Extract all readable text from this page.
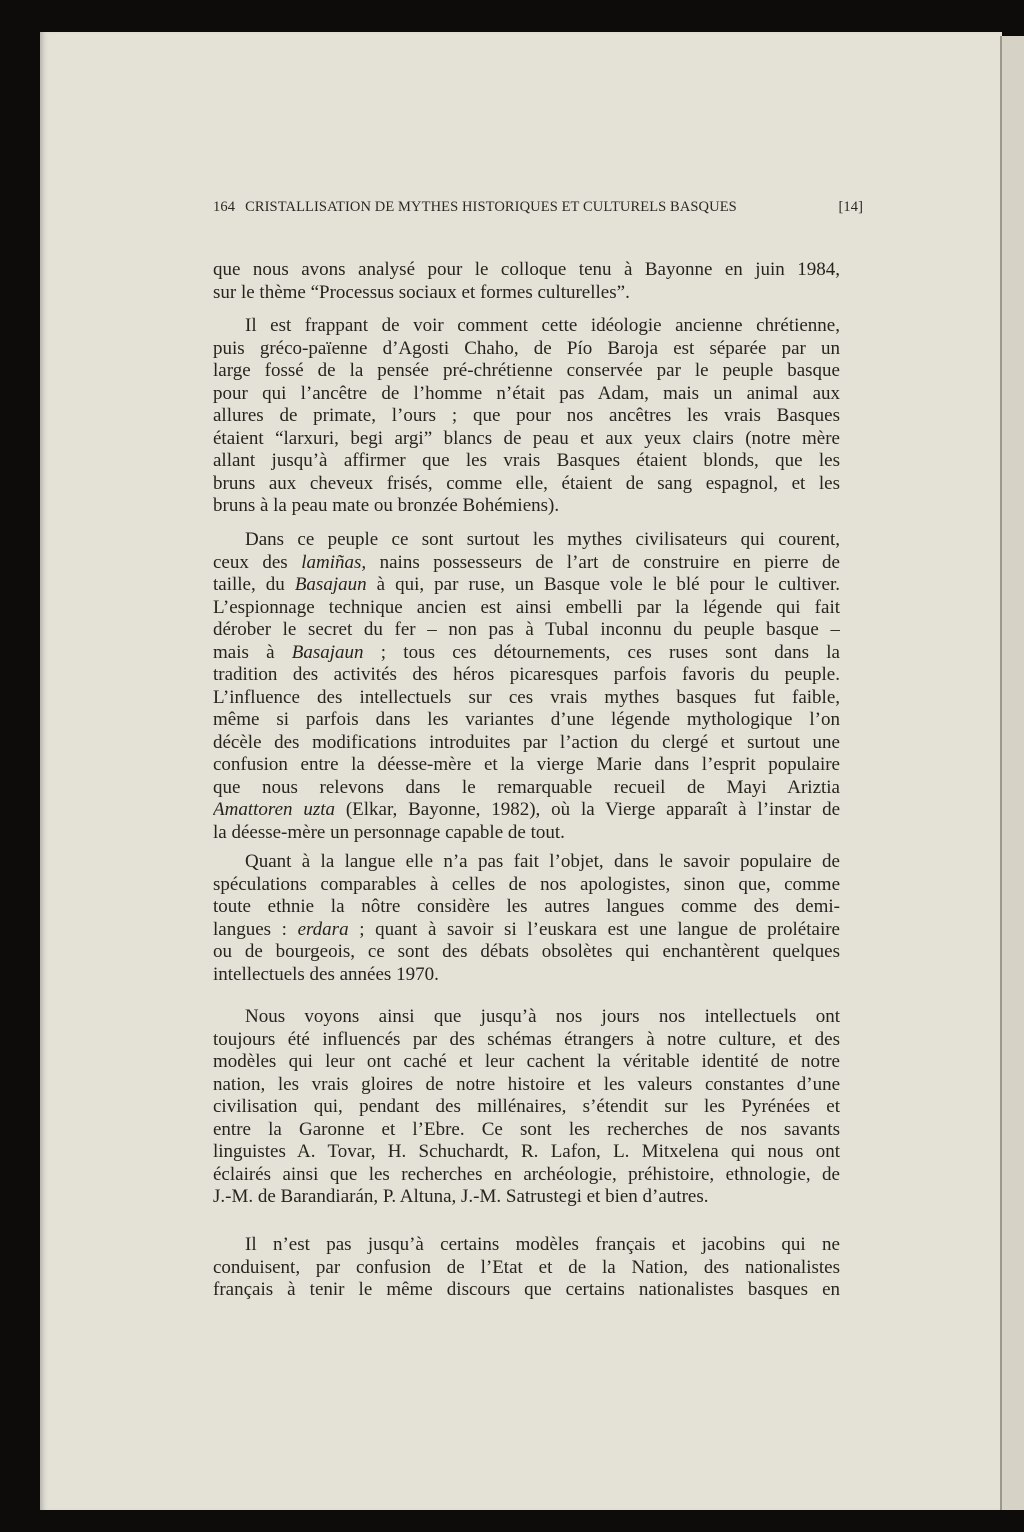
164 CRISTALLISATION DE MYTHES HISTORIQUES ET CULTURELS BASQUES	[14]
que nous avons analysé pour le colloque tenu à Bayonne en juin 1984,
sur le thème “Processus sociaux et formes culturelles”.
Il est frappant de voir comment cette idéologie ancienne chrétienne,
puis gréco-païenne d’Agosti Chaho, de Pío Baroja est séparée par un
large fossé de la pensée pré-chrétienne conservée par le peuple basque
pour qui l’ancêtre de l’homme n’était pas Adam, mais un animal aux
allures de primate, l’ours ; que pour nos ancêtres les vrais Basques
étaient “larxuri, begi argi” blancs de peau et aux yeux clairs (notre mère
allant jusqu’à affirmer que les vrais Basques étaient blonds, que les
bruns aux cheveux frisés, comme elle, étaient de sang espagnol, et les
bruns à la peau mate ou bronzée Bohémiens).
Dans ce peuple ce sont surtout les mythes civilisateurs qui courent,
ceux des lamiñas, nains possesseurs de l’art de construire en pierre de
taille, du Basajaun à qui, par ruse, un Basque vole le blé pour le cultiver.
L’espionnage technique ancien est ainsi embelli par la légende qui fait
dérober le secret du fer – non pas à Tubal inconnu du peuple basque –
mais à Basajaun ; tous ces détournements, ces ruses sont dans la
tradition des activités des héros picaresques parfois favoris du peuple.
L’influence des intellectuels sur ces vrais mythes basques fut faible,
même si parfois dans les variantes d’une légende mythologique l’on
décèle des modifications introduites par l’action du clergé et surtout une
confusion entre la déesse-mère et la vierge Marie dans l’esprit populaire
que nous relevons dans le remarquable recueil de Mayi Ariztia
Amattoren uzta (Elkar, Bayonne, 1982), où la Vierge apparaît à l’instar de
la déesse-mère un personnage capable de tout.
Quant à la langue elle n’a pas fait l’objet, dans le savoir populaire de
spéculations comparables à celles de nos apologistes, sinon que, comme
toute ethnie la nôtre considère les autres langues comme des demi-
langues : erdara ; quant à savoir si l’euskara est une langue de prolétaire
ou de bourgeois, ce sont des débats obsolètes qui enchantèrent quelques
intellectuels des années 1970.
Nous voyons ainsi que jusqu’à nos jours nos intellectuels ont
toujours été influencés par des schémas étrangers à notre culture, et des
modèles qui leur ont caché et leur cachent la véritable identité de notre
nation, les vrais gloires de notre histoire et les valeurs constantes d’une
civilisation qui, pendant des millénaires, s’étendit sur les Pyrénées et
entre la Garonne et l’Ebre. Ce sont les recherches de nos savants
linguistes A. Tovar, H. Schuchardt, R. Lafon, L. Mitxelena qui nous ont
éclairés ainsi que les recherches en archéologie, préhistoire, ethnologie, de
J.-M. de Barandiarán, P. Altuna, J.-M. Satrustegi et bien d’autres.
Il n’est pas jusqu’à certains modèles français et jacobins qui ne
conduisent, par confusion de l’Etat et de la Nation, des nationalistes
français à tenir le même discours que certains nationalistes basques en
